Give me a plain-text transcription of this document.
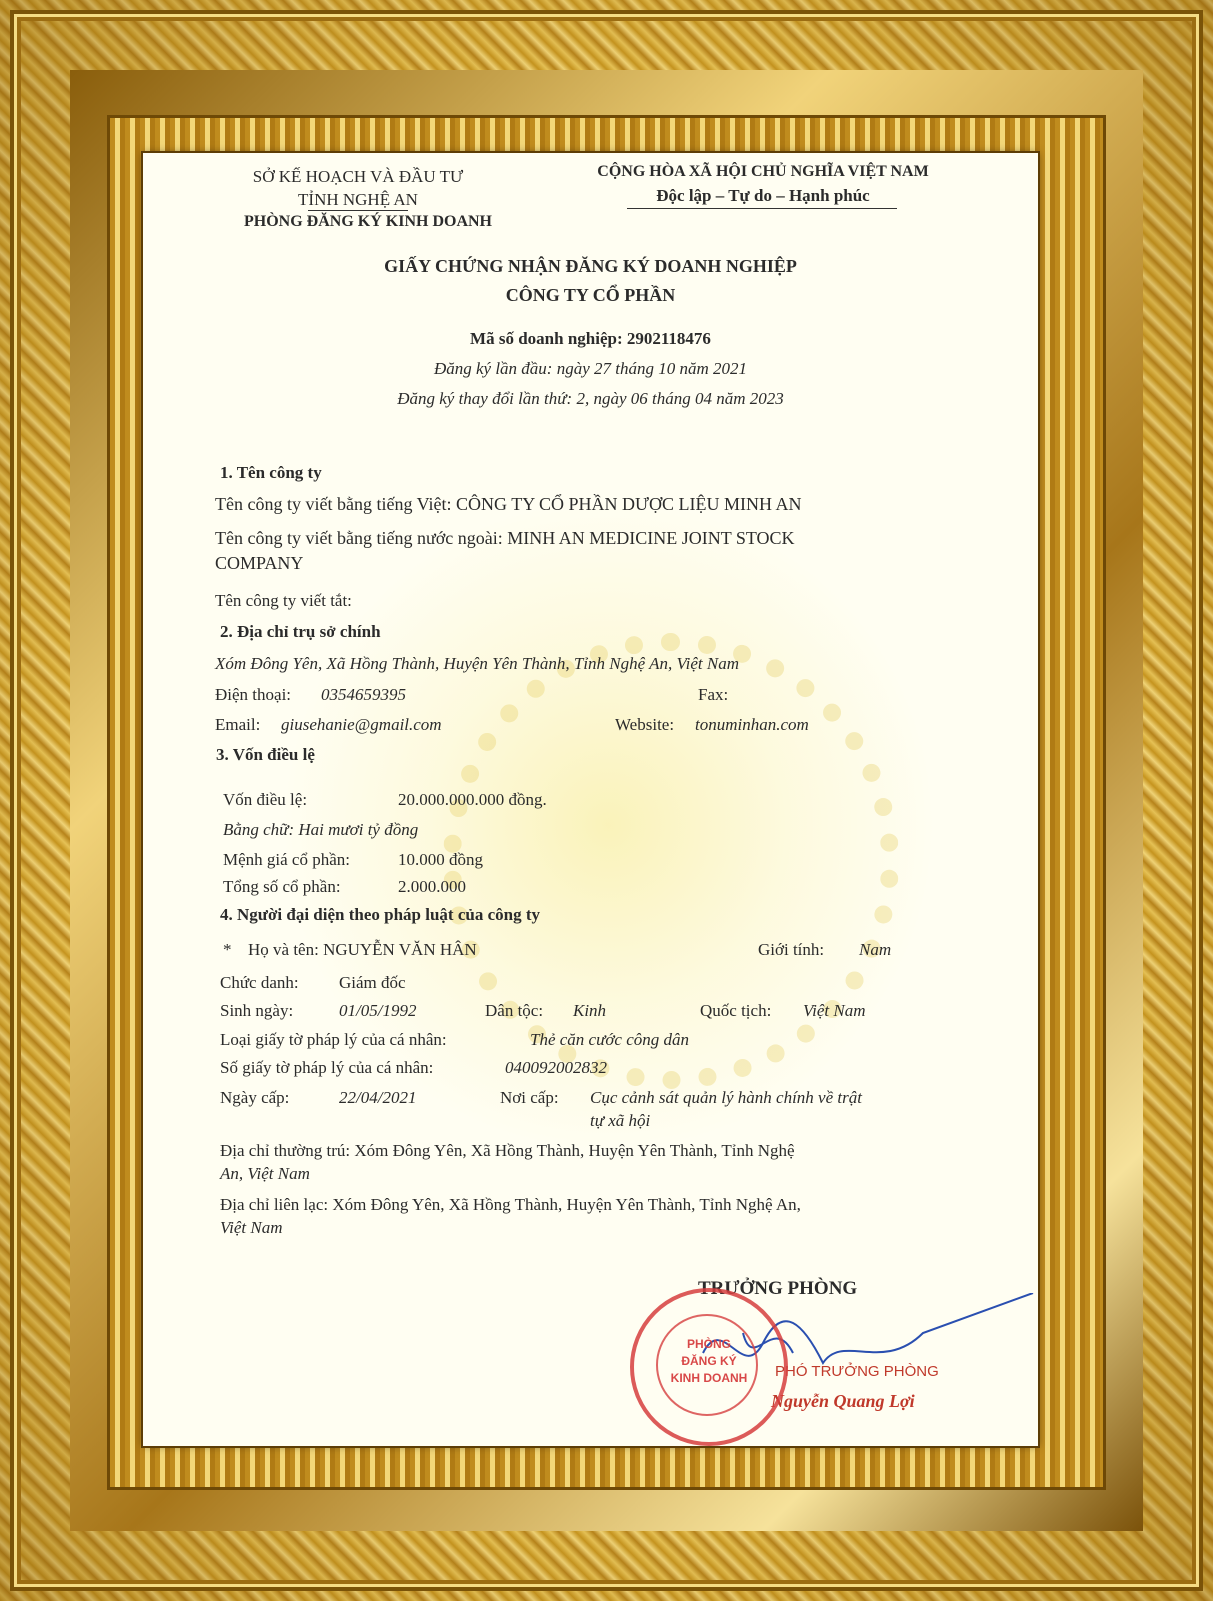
SỞ KẾ HOẠCH VÀ ĐẦU TƯ
TỈNH NGHỆ AN
PHÒNG ĐĂNG KÝ KINH DOANH
CỘNG HÒA XÃ HỘI CHỦ NGHĨA VIỆT NAM
Độc lập – Tự do – Hạnh phúc
GIẤY CHỨNG NHẬN ĐĂNG KÝ DOANH NGHIỆP
CÔNG TY CỔ PHẦN
Mã số doanh nghiệp: 2902118476
Đăng ký lần đầu: ngày 27 tháng 10 năm 2021
Đăng ký thay đổi lần thứ: 2, ngày 06 tháng 04 năm 2023
1. Tên công ty
Tên công ty viết bằng tiếng Việt: CÔNG TY CỔ PHẦN DƯỢC LIỆU MINH AN
Tên công ty viết bằng tiếng nước ngoài: MINH AN MEDICINE JOINT STOCK
COMPANY
Tên công ty viết tắt:
2. Địa chỉ trụ sở chính
Xóm Đông Yên, Xã Hồng Thành, Huyện Yên Thành, Tỉnh Nghệ An, Việt Nam
Điện thoại: 0354659395	Fax:
Email: giusehanie@gmail.com	Website: tonuminhan.com
3. Vốn điều lệ
Vốn điều lệ:	20.000.000.000 đồng.
Bằng chữ: Hai mươi tỷ đồng
Mệnh giá cổ phần:	10.000 đồng
Tổng số cổ phần:	2.000.000
4. Người đại diện theo pháp luật của công ty
* Họ và tên: NGUYỄN VĂN HÂN	Giới tính: Nam
Chức danh: Giám đốc
Sinh ngày:	01/05/1992	Dân tộc: Kinh	Quốc tịch: Việt Nam
Loại giấy tờ pháp lý của cá nhân:	Thẻ căn cước công dân
Số giấy tờ pháp lý của cá nhân:	040092002832
Ngày cấp:	22/04/2021	Nơi cấp: Cục cảnh sát quản lý hành chính về trật
tự xã hội
Địa chỉ thường trú: Xóm Đông Yên, Xã Hồng Thành, Huyện Yên Thành, Tỉnh Nghệ
An, Việt Nam
Địa chỉ liên lạc: Xóm Đông Yên, Xã Hồng Thành, Huyện Yên Thành, Tỉnh Nghệ An,
Việt Nam
TRƯỞNG PHÒNG
PHÓ TRƯỞNG PHÒNG
Nguyễn Quang Lợi
PHÒNG
ĐĂNG KÝ
KINH DOANH
